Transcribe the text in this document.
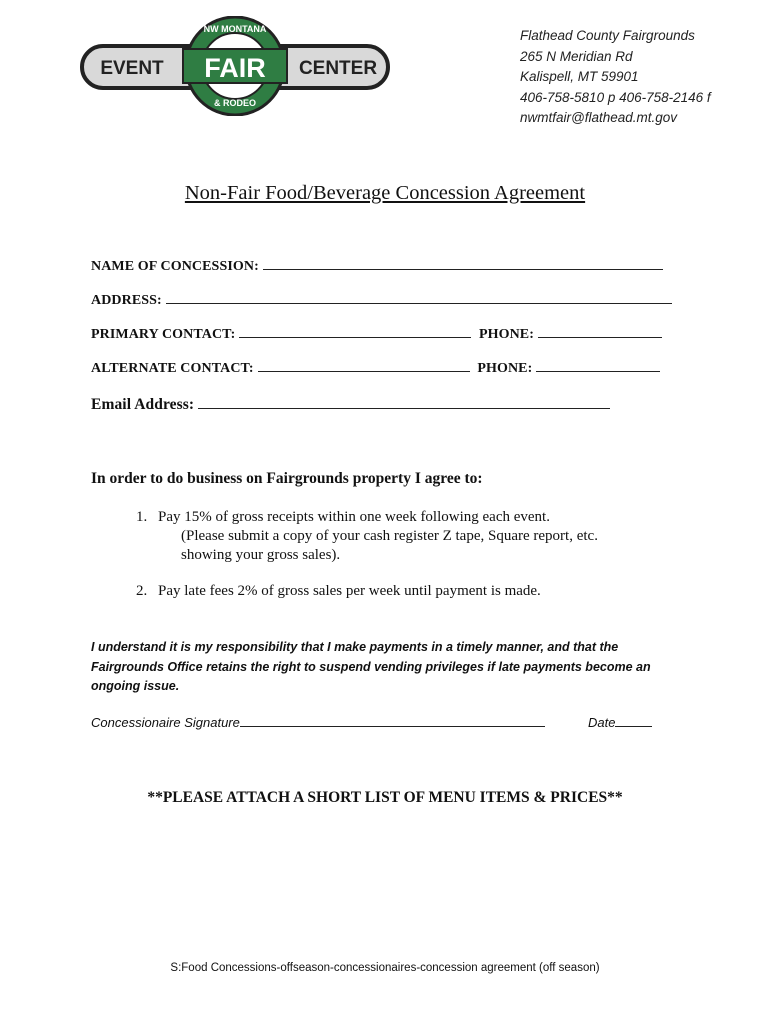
EVENT	CENTER
FAIR
NW MONTANA
& RODEO
Since 1923
Flathead County Fairgrounds
265 N Meridian Rd
Kalispell, MT 59901
406-758-5810 p 406-758-2146 f
nwmtfair@flathead.mt.gov
Non-Fair Food/Beverage Concession Agreement
NAME OF CONCESSION:
ADDRESS:
PRIMARY CONTACT:	PHONE:
ALTERNATE CONTACT:	PHONE:
Email Address:
In order to do business on Fairgrounds property I agree to:
1. Pay 15% of gross receipts within one week following each event.
(Please submit a copy of your cash register Z tape, Square report, etc.
showing your gross sales).
2. Pay late fees 2% of gross sales per week until payment is made.
I understand it is my responsibility that I make payments in a timely manner, and that the
Fairgrounds Office retains the right to suspend vending privileges if late payments become an
ongoing issue.
Concessionaire Signature	Date
**PLEASE ATTACH A SHORT LIST OF MENU ITEMS & PRICES**
S:Food Concessions-offseason-concessionaires-concession agreement (off season)
